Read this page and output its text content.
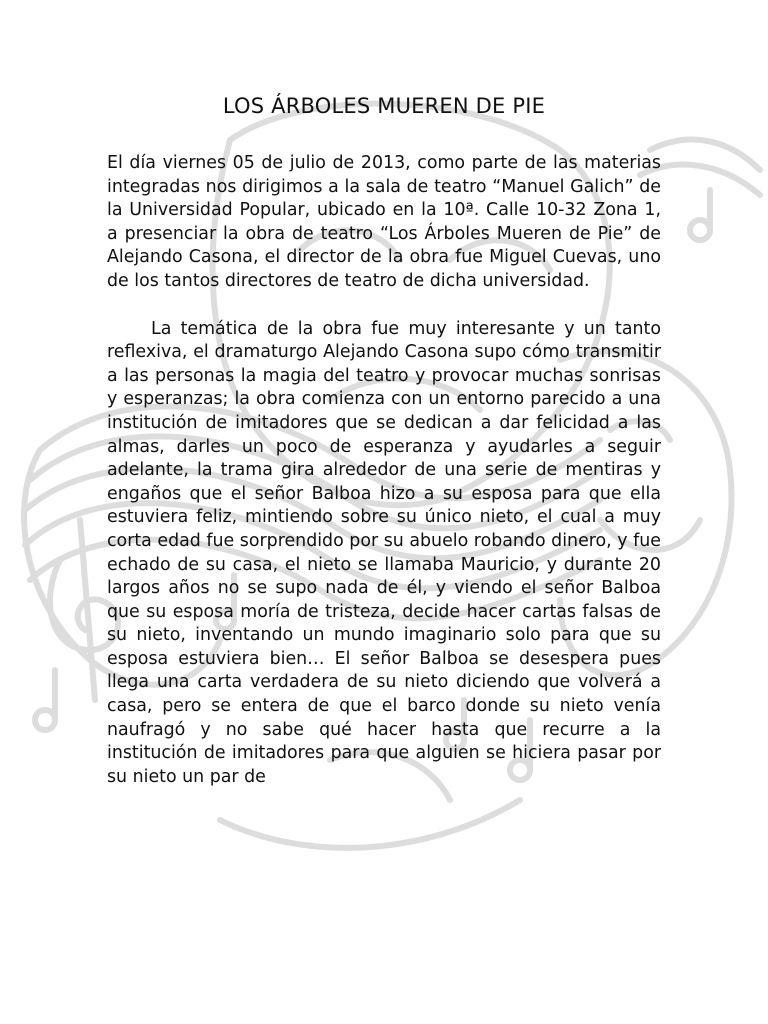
LOS ÁRBOLES MUEREN DE PIE

El día viernes 05 de julio de 2013, como parte de las materias integradas nos dirigimos a la sala de teatro “Manuel Galich” de la Universidad Popular, ubicado en la 10ª. Calle 10-32 Zona 1, a presenciar la obra de teatro “Los Árboles Mueren de Pie” de Alejando Casona, el director de la obra fue Miguel Cuevas, uno de los tantos directores de teatro de dicha universidad.

La temática de la obra fue muy interesante y un tanto reflexiva, el dramaturgo Alejando Casona supo cómo transmitir a las personas la magia del teatro y provocar muchas sonrisas y esperanzas; la obra comienza con un entorno parecido a una institución de imitadores que se dedican a dar felicidad a las almas, darles un poco de esperanza y ayudarles a seguir adelante, la trama gira alrededor de una serie de mentiras y engaños que el señor Balboa hizo a su esposa para que ella estuviera feliz, mintiendo sobre su único nieto, el cual a muy corta edad fue sorprendido por su abuelo robando dinero, y fue echado de su casa, el nieto se llamaba Mauricio, y durante 20 largos años no se supo nada de él, y viendo el señor Balboa que su esposa moría de tristeza, decide hacer cartas falsas de su nieto, inventando un mundo imaginario solo para que su esposa estuviera bien… El señor Balboa se desespera pues llega una carta verdadera de su nieto diciendo que volverá a casa, pero se entera de que el barco donde su nieto venía naufragó y no sabe qué hacer hasta que recurre a la institución de imitadores para que alguien se hiciera pasar por su nieto un par de
